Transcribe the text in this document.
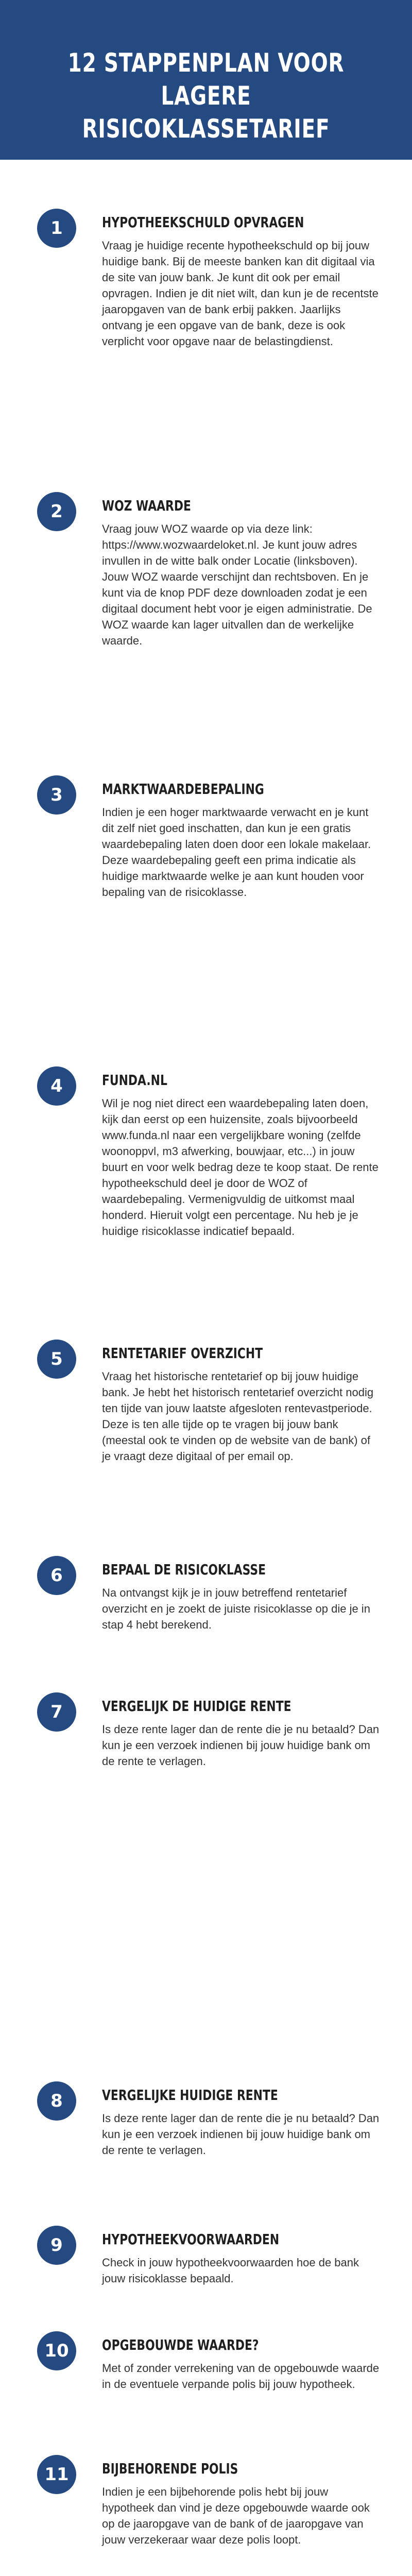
12 STAPPENPLAN VOOR LAGERE RISICOKLASSETARIEF
1	HYPOTHEEKSCHULD OPVRAGEN

Vraag je huidige recente hypotheekschuld op bij jouw huidige bank. Bij de meeste banken kan dit digitaal via de site van jouw bank. Je kunt dit ook per email opvragen. Indien je dit niet wilt, dan kun je de recentste jaaropgaven van de bank erbij pakken. Jaarlijks ontvang je een opgave van de bank, deze is ook verplicht voor opgave naar de belastingdienst.

2	WOZ WAARDE

Vraag jouw WOZ waarde op via deze link: https://www.wozwaardeloket.nl. Je kunt jouw adres invullen in de witte balk onder Locatie (linksboven). Jouw WOZ waarde verschijnt dan rechtsboven. En je kunt via de knop PDF deze downloaden zodat je een digitaal document hebt voor je eigen administratie. De WOZ waarde kan lager uitvallen dan de werkelijke waarde.

3	MARKTWAARDEBEPALING

Indien je een hoger marktwaarde verwacht en je kunt dit zelf niet goed inschatten, dan kun je een gratis waardebepaling laten doen door een lokale makelaar. Deze waardebepaling geeft een prima indicatie als huidige marktwaarde welke je aan kunt houden voor bepaling van de risicoklasse.

4	FUNDA.NL

Wil je nog niet direct een waardebepaling laten doen, kijk dan eerst op een huizensite, zoals bijvoorbeeld www.funda.nl naar een vergelijkbare woning (zelfde woonoppvl, m3 afwerking, bouwjaar, etc...) in jouw buurt en voor welk bedrag deze te koop staat. De rente hypotheekschuld deel je door de WOZ of waardebepaling. Vermenigvuldig de uitkomst maal honderd. Hieruit volgt een percentage. Nu heb je je huidige risicoklasse indicatief bepaald.

5	RENTETARIEF OVERZICHT

Vraag het historische rentetarief op bij jouw huidige bank. Je hebt het historisch rentetarief overzicht nodig ten tijde van jouw laatste afgesloten rentevastperiode. Deze is ten alle tijde op te vragen bij jouw bank (meestal ook te vinden op de website van de bank) of je vraagt deze digitaal of per email op.

6	BEPAAL DE RISICOKLASSE

Na ontvangst kijk je in jouw betreffend rentetarief overzicht en je zoekt de juiste risicoklasse op die je in stap 4 hebt berekend.

7	VERGELIJK DE HUIDIGE RENTE

Is deze rente lager dan de rente die je nu betaald? Dan kun je een verzoek indienen bij jouw huidige bank om de rente te verlagen.

8	VERGELIJKE HUIDIGE RENTE

Is deze rente lager dan de rente die je nu betaald? Dan kun je een verzoek indienen bij jouw huidige bank om de rente te verlagen.

9	HYPOTHEEKVOORWAARDEN

Check in jouw hypotheekvoorwaarden hoe de bank jouw risicoklasse bepaald.

10	OPGEBOUWDE WAARDE?

Met of zonder verrekening van de opgebouwde waarde in de eventuele verpande polis bij jouw hypotheek.

11	BIJBEHORENDE POLIS

Indien je een bijbehorende polis hebt bij jouw hypotheek dan vind je deze opgebouwde waarde ook op de jaaropgave van de bank of de jaaropgave van jouw verzekeraar waar deze polis loopt.
